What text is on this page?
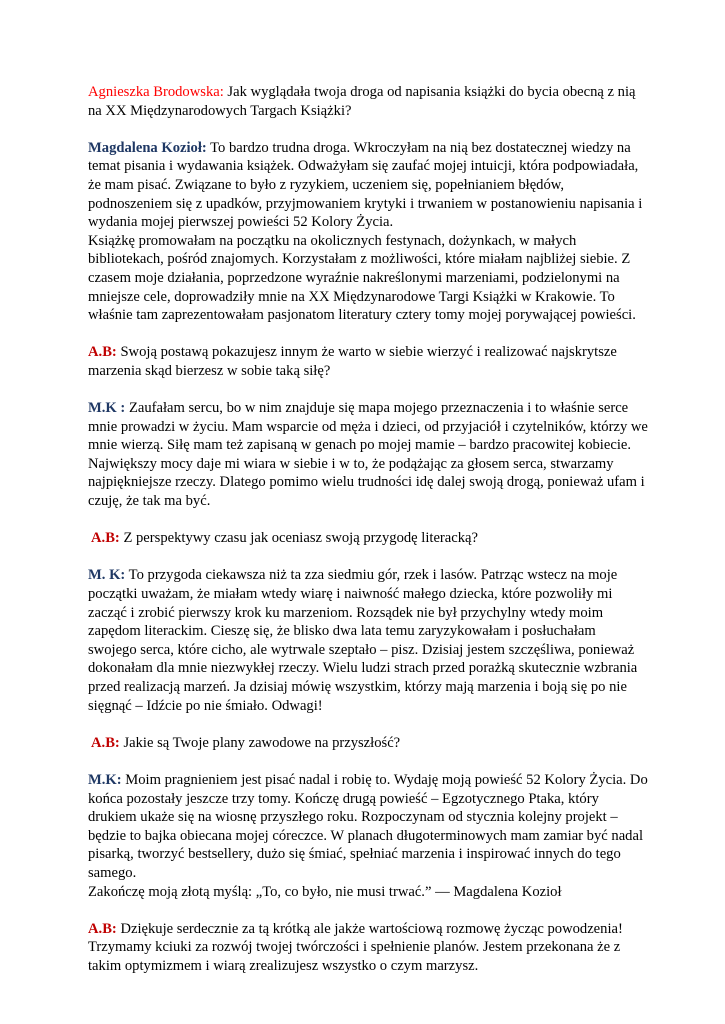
Agnieszka Brodowska: Jak wyglądała twoja droga od napisania książki do bycia obecną z nią na XX Międzynarodowych Targach Książki?

Magdalena Kozioł: To bardzo trudna droga. Wkroczyłam na nią bez dostatecznej wiedzy na temat pisania i wydawania książek. Odważyłam się zaufać mojej intuicji, która podpowiadała, że mam pisać. Związane to było z ryzykiem, uczeniem się, popełnianiem błędów, podnoszeniem się z upadków, przyjmowaniem krytyki i trwaniem w postanowieniu napisania i wydania mojej pierwszej powieści 52 Kolory Życia.
Książkę promowałam na początku na okolicznych festynach, dożynkach, w małych bibliotekach, pośród znajomych. Korzystałam z możliwości, które miałam najbliżej siebie. Z czasem moje działania, poprzedzone wyraźnie nakreślonymi marzeniami, podzielonymi na mniejsze cele, doprowadziły mnie na XX Międzynarodowe Targi Książki w Krakowie. To właśnie tam zaprezentowałam pasjonatom literatury cztery tomy mojej porywającej powieści.

A.B: Swoją postawą pokazujesz innym że warto w siebie wierzyć i realizować najskrytsze marzenia skąd bierzesz w sobie taką siłę?

M.K : Zaufałam sercu, bo w nim znajduje się mapa mojego przeznaczenia i to właśnie serce mnie prowadzi w życiu. Mam wsparcie od męża i dzieci, od przyjaciół i czytelników, którzy we mnie wierzą. Siłę mam też zapisaną w genach po mojej mamie – bardzo pracowitej kobiecie. Największy mocy daje mi wiara w siebie i w to, że podążając za głosem serca, stwarzamy najpiękniejsze rzeczy. Dlatego pomimo wielu trudności idę dalej swoją drogą, ponieważ ufam i czuję, że tak ma być.

A.B: Z perspektywy czasu jak oceniasz swoją przygodę literacką?

M. K: To przygoda ciekawsza niż ta zza siedmiu gór, rzek i lasów. Patrząc wstecz na moje początki uważam, że miałam wtedy wiarę i naiwność małego dziecka, które pozwoliły mi zacząć i zrobić pierwszy krok ku marzeniom. Rozsądek nie był przychylny wtedy moim zapędom literackim. Cieszę się, że blisko dwa lata temu zaryzykowałam i posłuchałam swojego serca, które cicho, ale wytrwale szeptało – pisz. Dzisiaj jestem szczęśliwa, ponieważ dokonałam dla mnie niezwykłej rzeczy. Wielu ludzi strach przed porażką skutecznie wzbrania przed realizacją marzeń. Ja dzisiaj mówię wszystkim, którzy mają marzenia i boją się po nie sięgnąć – Idźcie po nie śmiało. Odwagi!

A.B: Jakie są Twoje plany zawodowe na przyszłość?

M.K: Moim pragnieniem jest pisać nadal i robię to. Wydaję moją powieść 52 Kolory Życia. Do końca pozostały jeszcze trzy tomy. Kończę drugą powieść – Egzotycznego Ptaka, który drukiem ukaże się na wiosnę przyszłego roku. Rozpoczynam od stycznia kolejny projekt – będzie to bajka obiecana mojej córeczce. W planach długoterminowych mam zamiar być nadal pisarką, tworzyć bestsellery, dużo się śmiać, spełniać marzenia i inspirować innych do tego samego.
Zakończę moją złotą myślą: „To, co było, nie musi trwać.” — Magdalena Kozioł

A.B: Dziękuje serdecznie za tą krótką ale jakże wartościową rozmowę życząc powodzenia! Trzymamy kciuki za rozwój twojej twórczości i spełnienie planów. Jestem przekonana że z takim optymizmem i wiarą zrealizujesz wszystko o czym marzysz.
